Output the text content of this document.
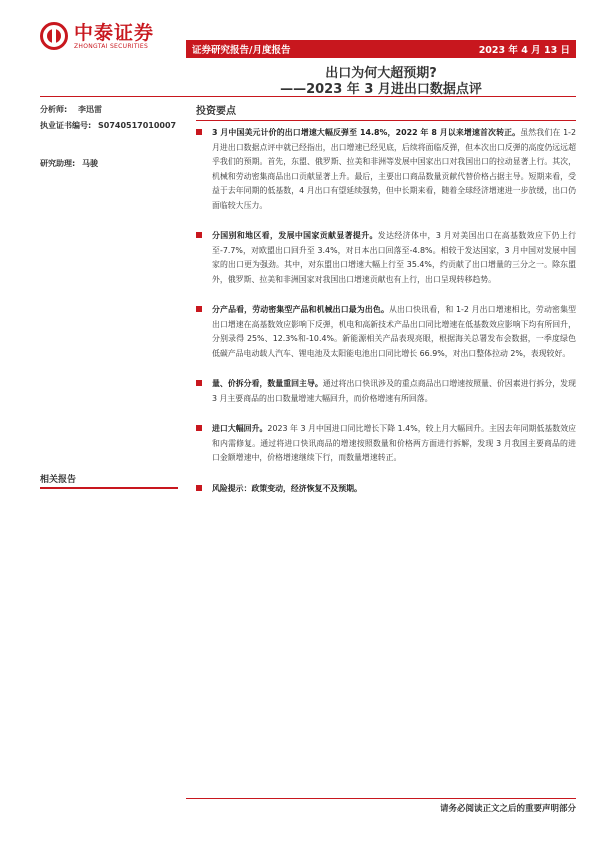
中泰证券
ZHONGTAI SECURITIES	证券研究报告/月度报告	2023 年 4 月 13 日
出口为何大超预期?
——2023 年 3 月进出口数据点评
分析师: 李迅雷
执业证书编号: S0740517010007
研究助理: 马骏
相关报告
投资要点
3 月中国美元计价的出口增速大幅反弹至 14.8%，2022 年 8 月以来增速首次转正。虽然我们在 1-2 月进出口数据点评中就已经指出，出口增速已经见底，后续将面临反弹，但本次出口反弹的高度仍远远超乎我们的预期。首先，东盟、俄罗斯、拉美和非洲等发展中国家出口对我国出口的拉动显著上行。其次，机械和劳动密集商品出口贡献显著上升。最后，主要出口商品数量贡献代替价格占据主导。短期来看，受益于去年同期的低基数，4 月出口有望延续强势，但中长期来看，随着全球经济增速进一步放缓，出口仍面临较大压力。
分国别和地区看，发展中国家贡献显著提升。发达经济体中，3 月对美国出口在高基数效应下仍上行至-7.7%，对欧盟出口回升至 3.4%，对日本出口回落至-4.8%。相较于发达国家，3 月中国对发展中国家的出口更为强劲。其中，对东盟出口增速大幅上行至 35.4%，约贡献了出口增量的三分之一。除东盟外，俄罗斯、拉美和非洲国家对我国出口增速贡献也有上行，出口呈现转移趋势。
分产品看，劳动密集型产品和机械出口最为出色。从出口快讯看，和 1-2 月出口增速相比，劳动密集型出口增速在高基数效应影响下反弹，机电和高新技术产品出口同比增速在低基数效应影响下均有所回升，分别录得 25%、12.3%和-10.4%。新能源相关产品表现亮眼，根据海关总署发布会数据，一季度绿色低碳产品电动载人汽车、锂电池及太阳能电池出口同比增长 66.9%，对出口整体拉动 2%，表现较好。
量、价拆分看，数量重回主导。通过将出口快讯涉及的重点商品出口增速按照量、价因素进行拆分，发现 3 月主要商品的出口数量增速大幅回升，而价格增速有所回落。
进口大幅回升。2023 年 3 月中国进口同比增长下降 1.4%，较上月大幅回升。主因去年同期低基数效应和内需修复。通过将进口快讯商品的增速按照数量和价格两方面进行拆解，发现 3 月我国主要商品的进口金额增速中，价格增速继续下行，而数量增速转正。
风险提示：政策变动，经济恢复不及预期。
请务必阅读正文之后的重要声明部分
